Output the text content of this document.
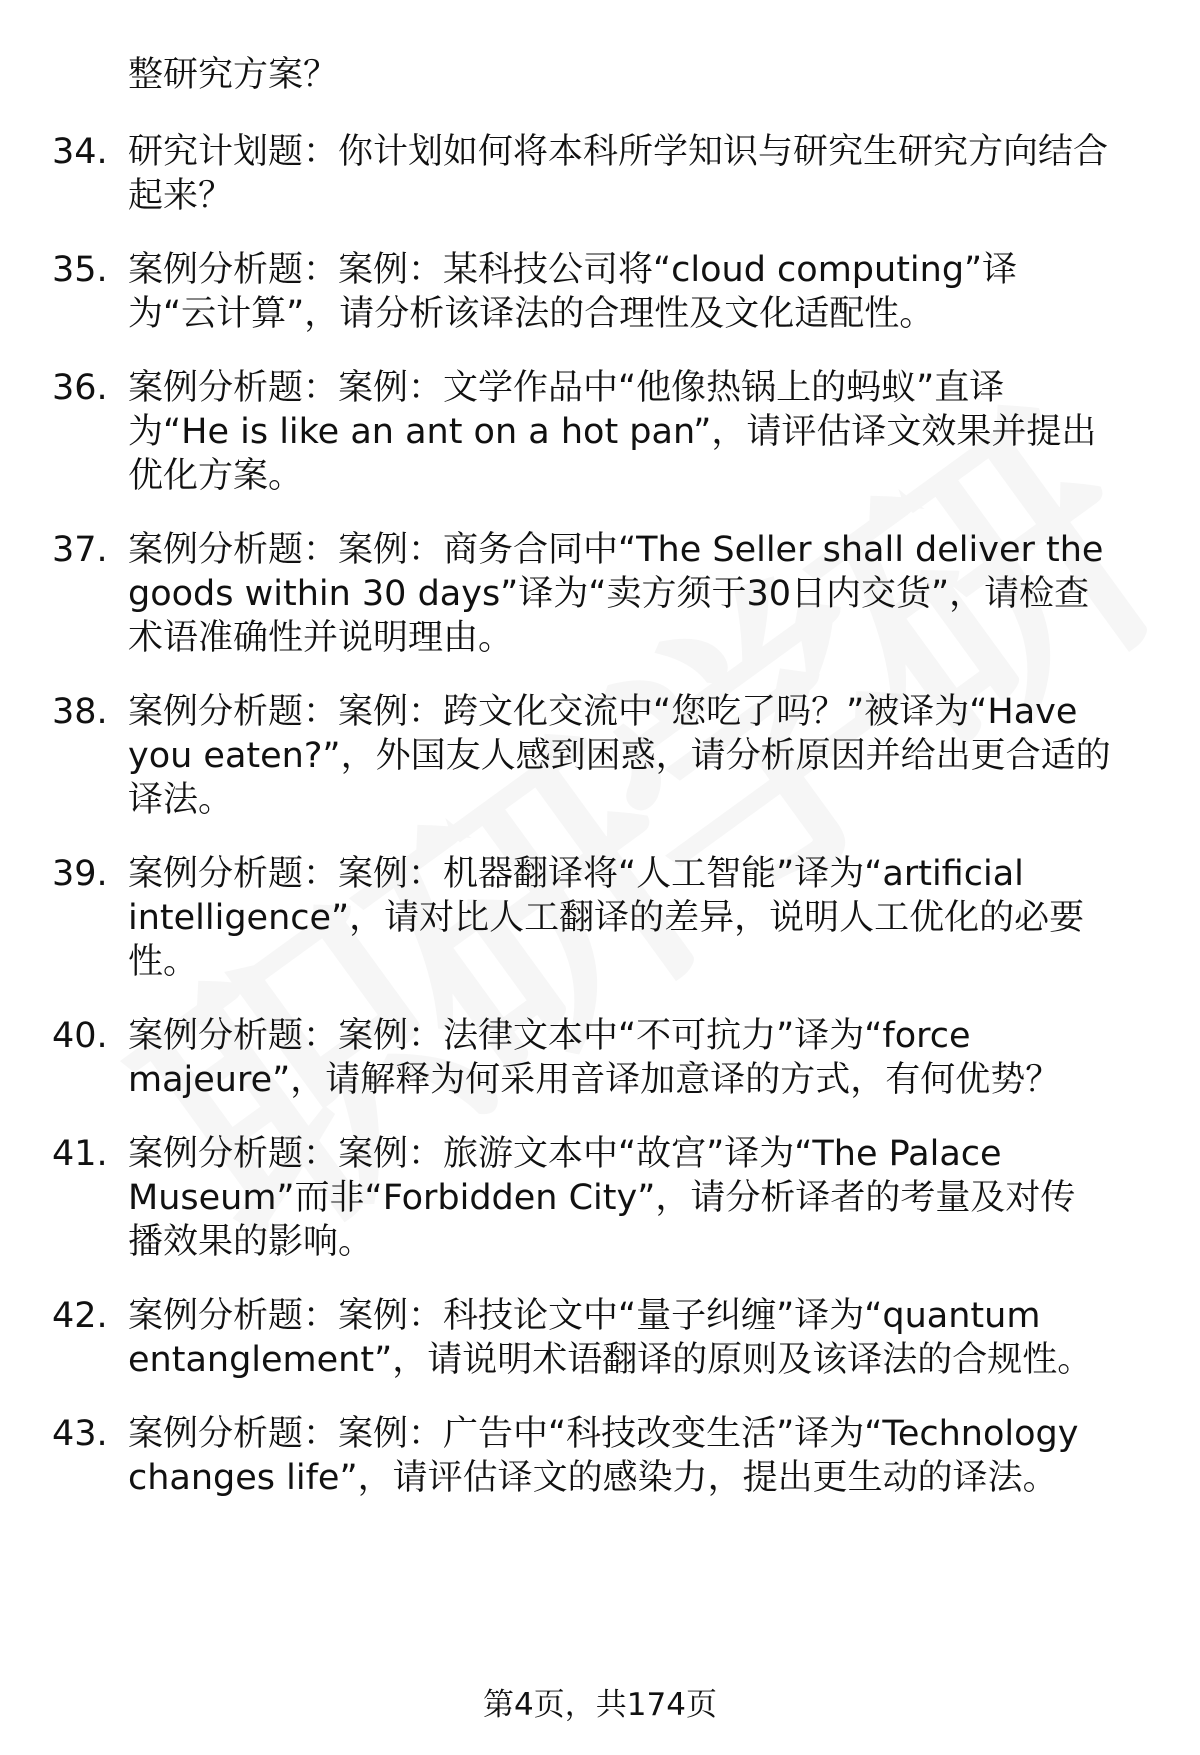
整研究方案？
34. 研究计划题：你计划如何将本科所学知识与研究生研究方向结合
起来？
35. 案例分析题：案例：某科技公司将“cloud computing”译
为“云计算”，请分析该译法的合理性及文化适配性。
36. 案例分析题：案例：文学作品中“他像热锅上的蚂蚁”直译
为“He is like an ant on a hot pan”，请评估译文效果并提出
优化方案。
37. 案例分析题：案例：商务合同中“The Seller shall deliver the
goods within 30 days”译为“卖方须于30日内交货”，请检查
术语准确性并说明理由。
38. 案例分析题：案例：跨文化交流中“您吃了吗？”被译为“Have
you eaten?”，外国友人感到困惑，请分析原因并给出更合适的
译法。
39. 案例分析题：案例：机器翻译将“人工智能”译为“artificial
intelligence”，请对比人工翻译的差异，说明人工优化的必要
性。
40. 案例分析题：案例：法律文本中“不可抗力”译为“force
majeure”，请解释为何采用音译加意译的方式，有何优势？
41. 案例分析题：案例：旅游文本中“故宫”译为“The Palace
Museum”而非“Forbidden City”，请分析译者的考量及对传
播效果的影响。
42. 案例分析题：案例：科技论文中“量子纠缠”译为“quantum
entanglement”，请说明术语翻译的原则及该译法的合规性。
43. 案例分析题：案例：广告中“科技改变生活”译为“Technology
changes life”，请评估译文的感染力，提出更生动的译法。
第4页，共174页
